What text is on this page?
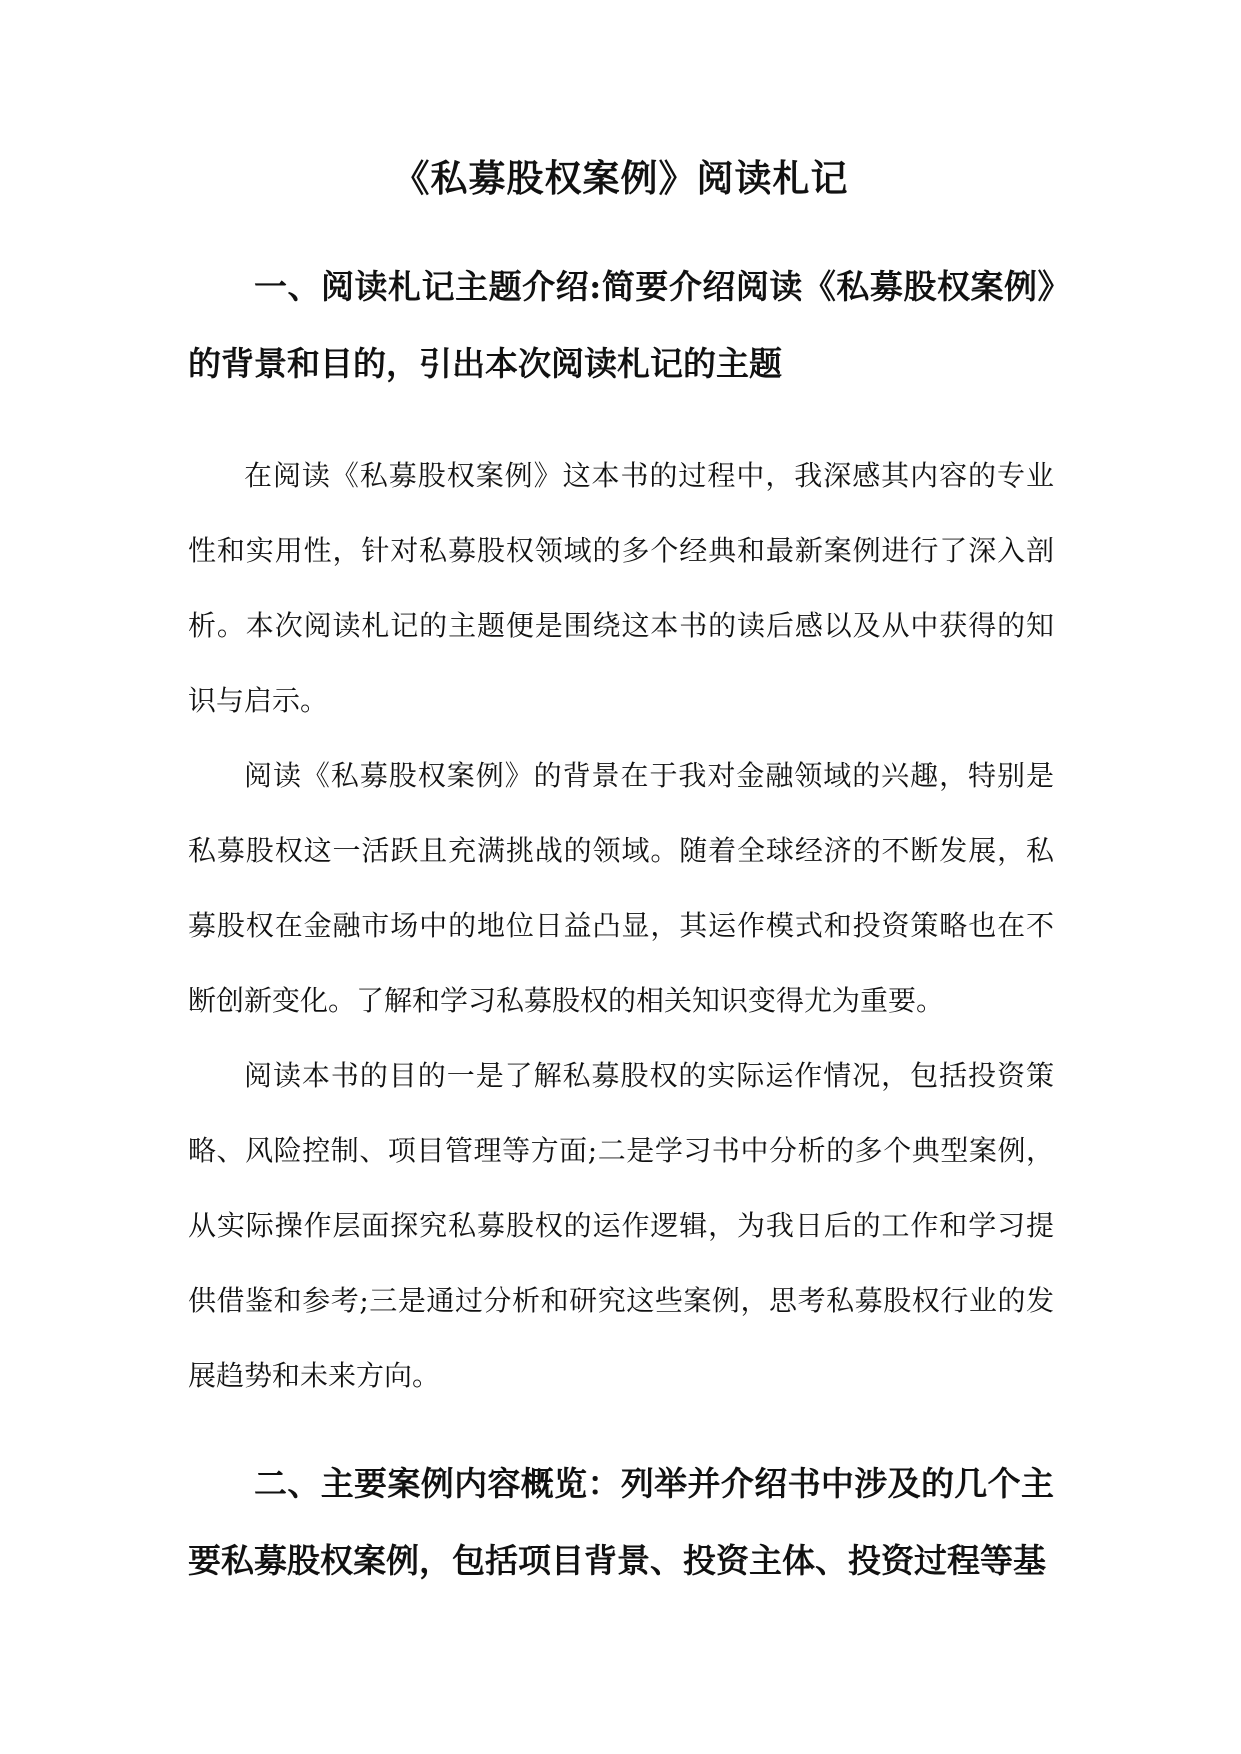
《私募股权案例》阅读札记

一、阅读札记主题介绍:简要介绍阅读《私募股权案例》的背景和目的，引出本次阅读札记的主题

在阅读《私募股权案例》这本书的过程中，我深感其内容的专业性和实用性，针对私募股权领域的多个经典和最新案例进行了深入剖析。本次阅读札记的主题便是围绕这本书的读后感以及从中获得的知识与启示。

阅读《私募股权案例》的背景在于我对金融领域的兴趣，特别是私募股权这一活跃且充满挑战的领域。随着全球经济的不断发展，私募股权在金融市场中的地位日益凸显，其运作模式和投资策略也在不断创新变化。了解和学习私募股权的相关知识变得尤为重要。

阅读本书的目的一是了解私募股权的实际运作情况，包括投资策略、风险控制、项目管理等方面;二是学习书中分析的多个典型案例，从实际操作层面探究私募股权的运作逻辑，为我日后的工作和学习提供借鉴和参考;三是通过分析和研究这些案例，思考私募股权行业的发展趋势和未来方向。

二、主要案例内容概览：列举并介绍书中涉及的几个主要私募股权案例，包括项目背景、投资主体、投资过程等基
